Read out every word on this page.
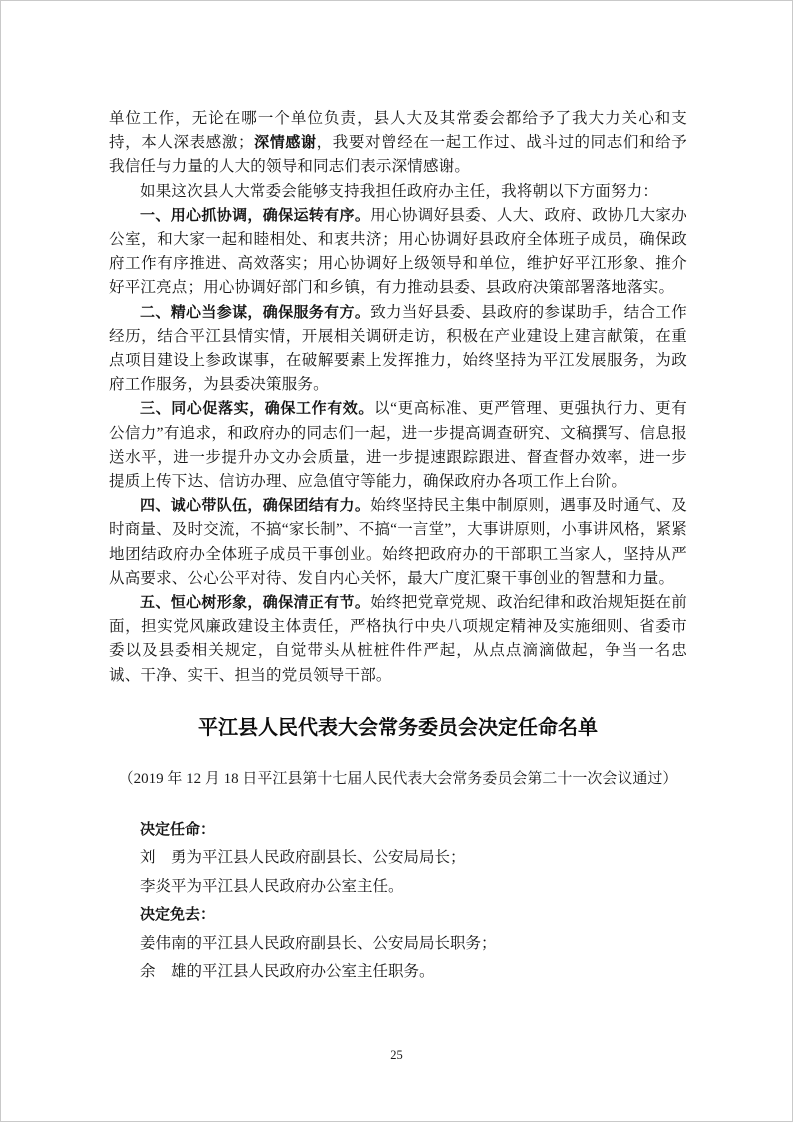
单位工作，无论在哪一个单位负责，县人大及其常委会都给予了我大力关心和支持，本人深表感激；深情感谢，我要对曾经在一起工作过、战斗过的同志们和给予我信任与力量的人大的领导和同志们表示深情感谢。

如果这次县人大常委会能够支持我担任政府办主任，我将朝以下方面努力：

一、用心抓协调，确保运转有序。用心协调好县委、人大、政府、政协几大家办公室，和大家一起和睦相处、和衷共济；用心协调好县政府全体班子成员，确保政府工作有序推进、高效落实；用心协调好上级领导和单位，维护好平江形象、推介好平江亮点；用心协调好部门和乡镇，有力推动县委、县政府决策部署落地落实。

二、精心当参谋，确保服务有方。致力当好县委、县政府的参谋助手，结合工作经历，结合平江县情实情，开展相关调研走访，积极在产业建设上建言献策，在重点项目建设上参政谋事，在破解要素上发挥推力，始终坚持为平江发展服务，为政府工作服务，为县委决策服务。

三、同心促落实，确保工作有效。以“更高标准、更严管理、更强执行力、更有公信力”有追求，和政府办的同志们一起，进一步提高调查研究、文稿撰写、信息报送水平，进一步提升办文办会质量，进一步提速跟踪跟进、督查督办效率，进一步提质上传下达、信访办理、应急值守等能力，确保政府办各项工作上台阶。

四、诚心带队伍，确保团结有力。始终坚持民主集中制原则，遇事及时通气、及时商量、及时交流，不搞“家长制”、不搞“一言堂”，大事讲原则，小事讲风格，紧紧地团结政府办全体班子成员干事创业。始终把政府办的干部职工当家人，坚持从严从高要求、公心公平对待、发自内心关怀，最大广度汇聚干事创业的智慧和力量。

五、恒心树形象，确保清正有节。始终把党章党规、政治纪律和政治规矩挺在前面，担实党风廉政建设主体责任，严格执行中央八项规定精神及实施细则、省委市委以及县委相关规定，自觉带头从桩桩件件严起，从点点滴滴做起，争当一名忠诚、干净、实干、担当的党员领导干部。

平江县人民代表大会常务委员会决定任命名单

（2019 年 12 月 18 日平江县第十七届人民代表大会常务委员会第二十一次会议通过）

决定任命：

刘　勇为平江县人民政府副县长、公安局局长；

李炎平为平江县人民政府办公室主任。

决定免去：

姜伟南的平江县人民政府副县长、公安局局长职务；

余　雄的平江县人民政府办公室主任职务。

25
